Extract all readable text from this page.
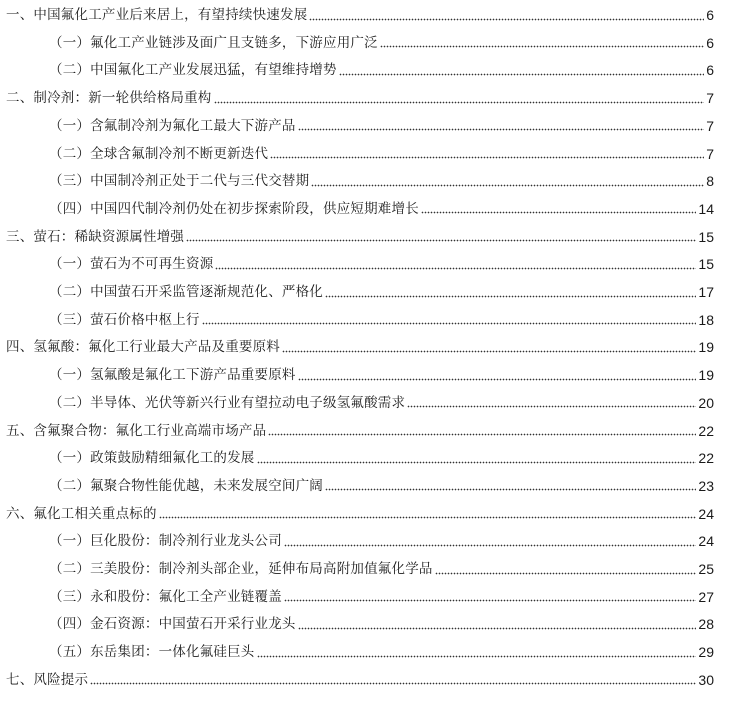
一、中国氟化工产业后来居上，有望持续快速发展	6
（一）氟化工产业链涉及面广且支链多，下游应用广泛	6
（二）中国氟化工产业发展迅猛，有望维持增势	6
二、制冷剂：新一轮供给格局重构	7
（一）含氟制冷剂为氟化工最大下游产品	7
（二）全球含氟制冷剂不断更新迭代	7
（三）中国制冷剂正处于二代与三代交替期	8
（四）中国四代制冷剂仍处在初步探索阶段，供应短期难增长	14
三、萤石：稀缺资源属性增强	15
（一）萤石为不可再生资源	15
（二）中国萤石开采监管逐渐规范化、严格化	17
（三）萤石价格中枢上行	18
四、氢氟酸：氟化工行业最大产品及重要原料	19
（一）氢氟酸是氟化工下游产品重要原料	19
（二）半导体、光伏等新兴行业有望拉动电子级氢氟酸需求	20
五、含氟聚合物：氟化工行业高端市场产品	22
（一）政策鼓励精细氟化工的发展	22
（二）氟聚合物性能优越，未来发展空间广阔	23
六、氟化工相关重点标的	24
（一）巨化股份：制冷剂行业龙头公司	24
（二）三美股份：制冷剂头部企业，延伸布局高附加值氟化学品	25
（三）永和股份：氟化工全产业链覆盖	27
（四）金石资源：中国萤石开采行业龙头	28
（五）东岳集团：一体化氟硅巨头	29
七、风险提示	30
